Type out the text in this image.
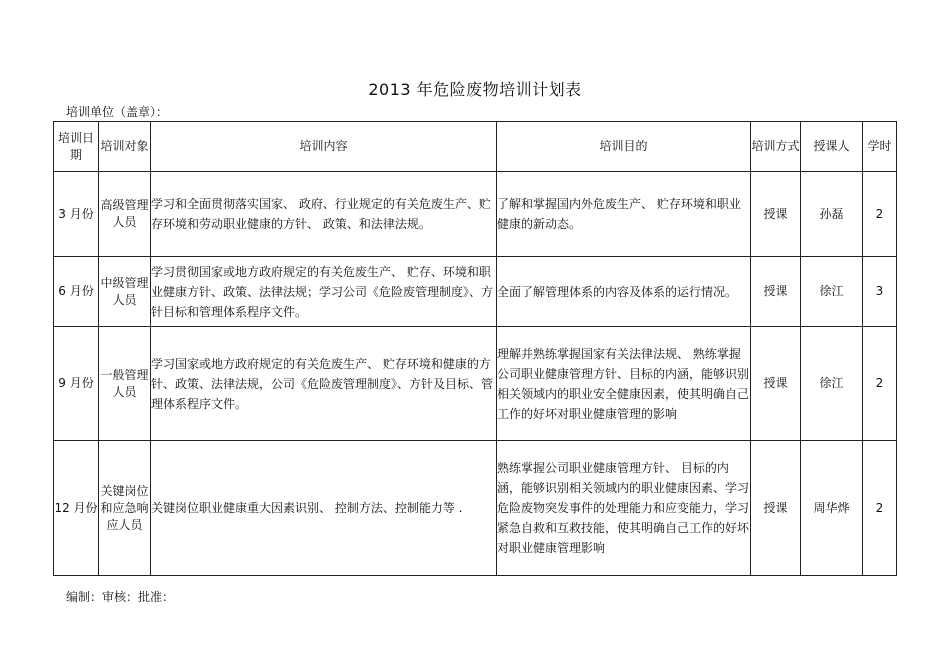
2013 年危险废物培训计划表
培训单位（盖章）：
培训日期	培训对象	培训内容	培训目的	培训方式	授课人	学时
3 月份	高级管理人员	学习和全面贯彻落实国家、 政府、行业规定的有关危废生产、贮存环境和劳动职业健康的方针、 政策、和法律法规。	了解和掌握国内外危废生产、 贮存环境和职业健康的新动态。	授课	孙磊	2
6 月份	中级管理人员	学习贯彻国家或地方政府规定的有关危废生产、 贮存、环境和职业健康方针、政策、法律法规；学习公司《危险废管理制度》、方针目标和管理体系程序文件。	全面了解管理体系的内容及体系的运行情况。	授课	徐江	3
9 月份	一般管理人员	学习国家或地方政府规定的有关危废生产、 贮存环境和健康的方针、政策、法律法规，公司《危险废管理制度》、方针及目标、管理体系程序文件。	理解并熟练掌握国家有关法律法规、 熟练掌握公司职业健康管理方针、目标的内涵，能够识别相关领域内的职业安全健康因素，使其明确自己工作的好坏对职业健康管理的影响	授课	徐江	2
12 月份	关键岗位和应急响应人员	关键岗位职业健康重大因素识别、 控制方法、控制能力等 .	熟练掌握公司职业健康管理方针、 目标的内涵，能够识别相关领域内的职业健康因素、学习危险废物突发事件的处理能力和应变能力，学习紧急自救和互救技能，使其明确自己工作的好坏对职业健康管理影响	授课	周华烨	2
编制：审核：批准：
